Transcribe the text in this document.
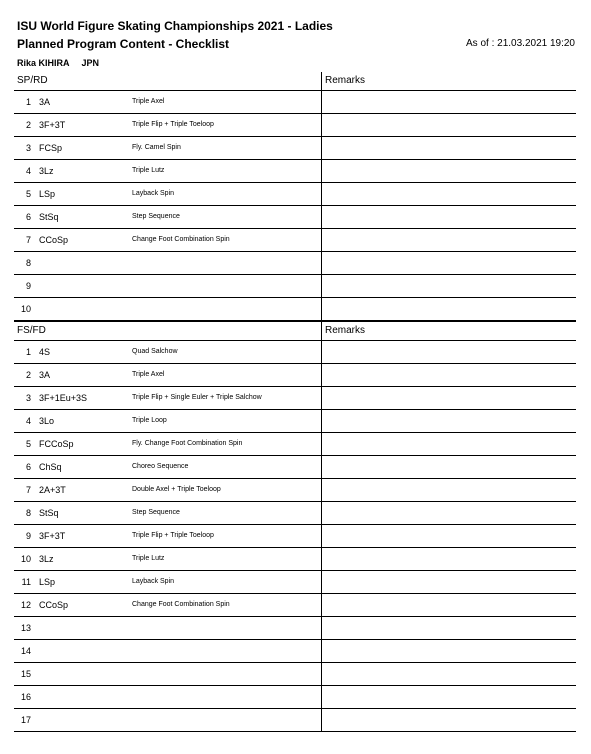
ISU World Figure Skating Championships 2021 - Ladies
Planned Program Content - Checklist	As of : 21.03.2021 19:20
Rika KIHIRA JPN
SP/RD	Remarks
1 3A	Triple Axel
2 3F+3T	Triple Flip + Triple Toeloop
3 FCSp	Fly. Camel Spin
4 3Lz	Triple Lutz
5 LSp	Layback Spin
6 StSq	Step Sequence
7 CCoSp	Change Foot Combination Spin
8
9
10
FS/FD	Remarks
1 4S	Quad Salchow
2 3A	Triple Axel
3 3F+1Eu+3S	Triple Flip + Single Euler + Triple Salchow
4 3Lo	Triple Loop
5 FCCoSp	Fly. Change Foot Combination Spin
6 ChSq	Choreo Sequence
7 2A+3T	Double Axel + Triple Toeloop
8 StSq	Step Sequence
9 3F+3T	Triple Flip + Triple Toeloop
10 3Lz	Triple Lutz
11 LSp	Layback Spin
12 CCoSp	Change Foot Combination Spin
13
14
15
16
17
